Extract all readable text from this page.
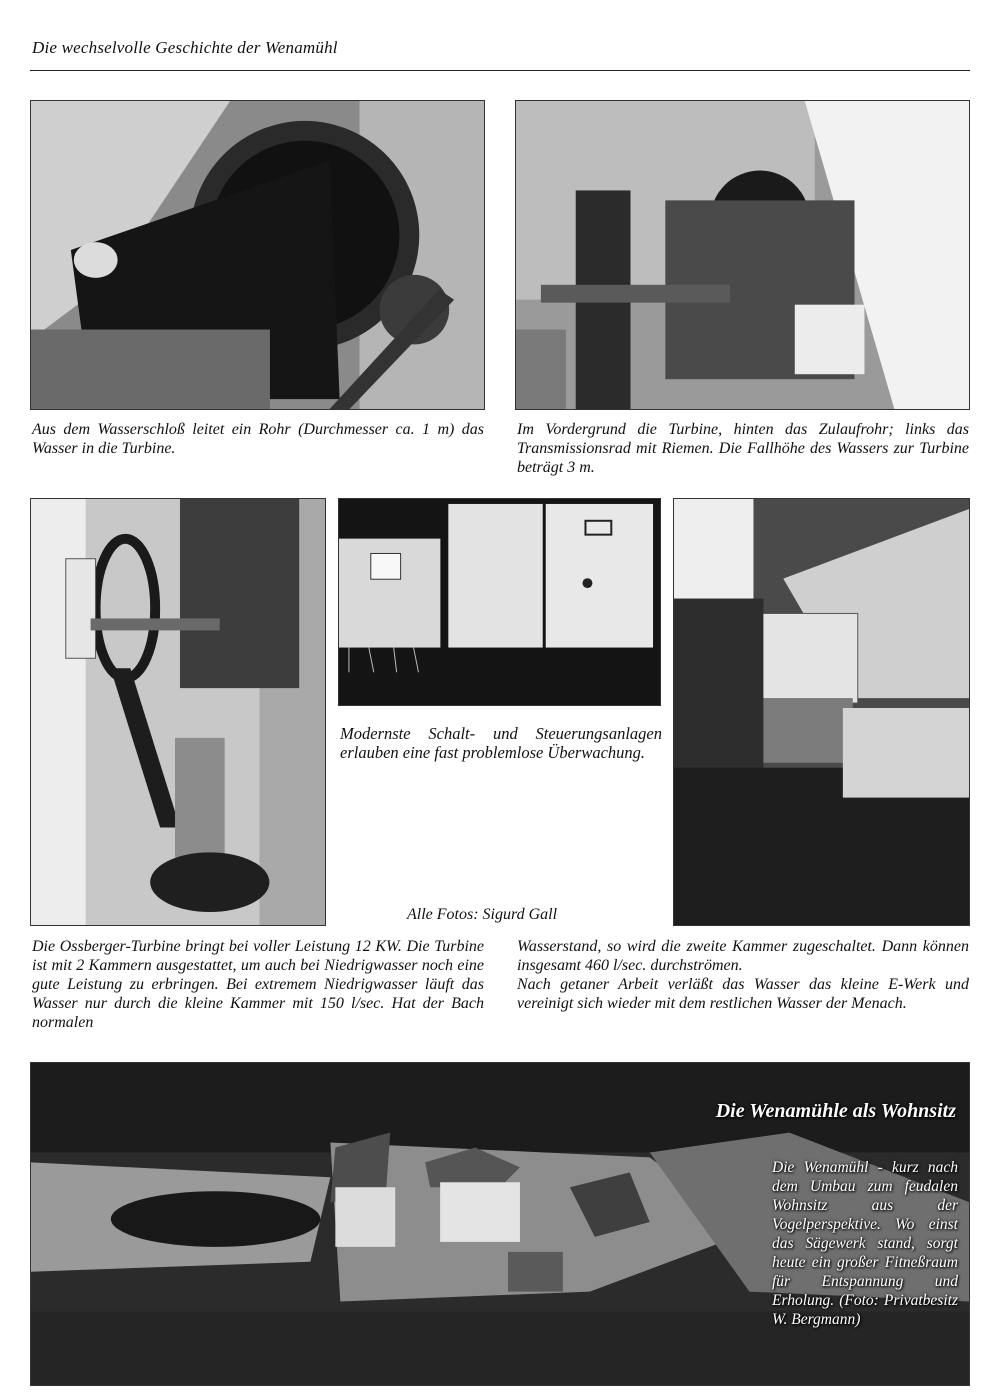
Die wechselvolle Geschichte der Wenamühl
Aus dem Wasserschloß leitet ein Rohr (Durchmesser ca. 1 m) das Wasser in die Turbine.
Im Vordergrund die Turbine, hinten das Zulaufrohr; links das Transmissionsrad mit Riemen. Die Fallhöhe des Wassers zur Turbine beträgt 3 m.
Modernste Schalt- und Steuerungsanlagen erlauben eine fast problemlose Überwachung.
Alle Fotos: Sigurd Gall
Die Ossberger-Turbine bringt bei voller Leistung 12 KW. Die Turbine ist mit 2 Kammern ausgestattet, um auch bei Niedrigwasser noch eine gute Leistung zu erbringen. Bei extremem Niedrigwasser läuft das Wasser nur durch die kleine Kammer mit 150 l/sec. Hat der Bach normalen
Wasserstand, so wird die zweite Kammer zugeschaltet. Dann können insgesamt 460 l/sec. durchströmen.
Nach getaner Arbeit verläßt das Wasser das kleine E-Werk und vereinigt sich wieder mit dem restlichen Wasser der Menach.
Die Wenamühle als Wohnsitz
Die Wenamühl - kurz nach dem Umbau zum feudalen Wohnsitz aus der Vogelperspektive. Wo einst das Sägewerk stand, sorgt heute ein großer Fitneßraum für Entspannung und Erholung. (Foto: Privatbesitz W. Bergmann)
